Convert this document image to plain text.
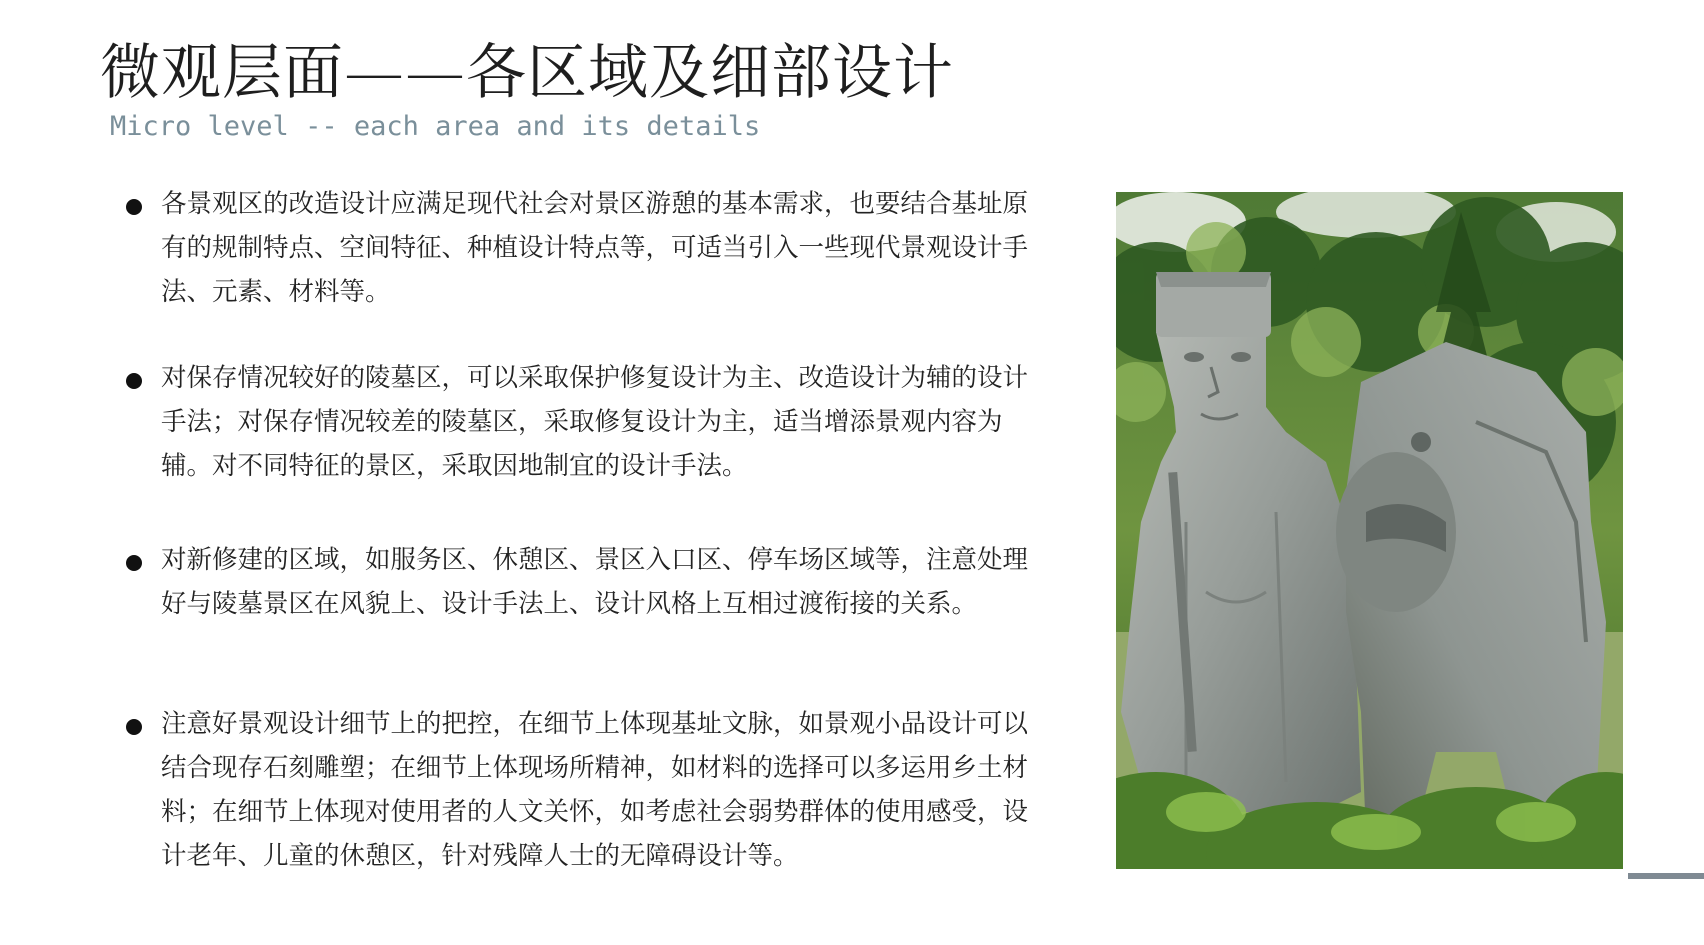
微观层面——各区域及细部设计
Micro level -- each area and its details
各景观区的改造设计应满足现代社会对景区游憩的基本需求，也要结合基址原有的规制特点、空间特征、种植设计特点等，可适当引入一些现代景观设计手法、元素、材料等。
对保存情况较好的陵墓区，可以采取保护修复设计为主、改造设计为辅的设计手法；对保存情况较差的陵墓区，采取修复设计为主，适当增添景观内容为辅。对不同特征的景区，采取因地制宜的设计手法。
对新修建的区域，如服务区、休憩区、景区入口区、停车场区域等，注意处理好与陵墓景区在风貌上、设计手法上、设计风格上互相过渡衔接的关系。
注意好景观设计细节上的把控，在细节上体现基址文脉，如景观小品设计可以结合现存石刻雕塑；在细节上体现场所精神，如材料的选择可以多运用乡土材料；在细节上体现对使用者的人文关怀，如考虑社会弱势群体的使用感受，设计老年、儿童的休憩区，针对残障人士的无障碍设计等。
